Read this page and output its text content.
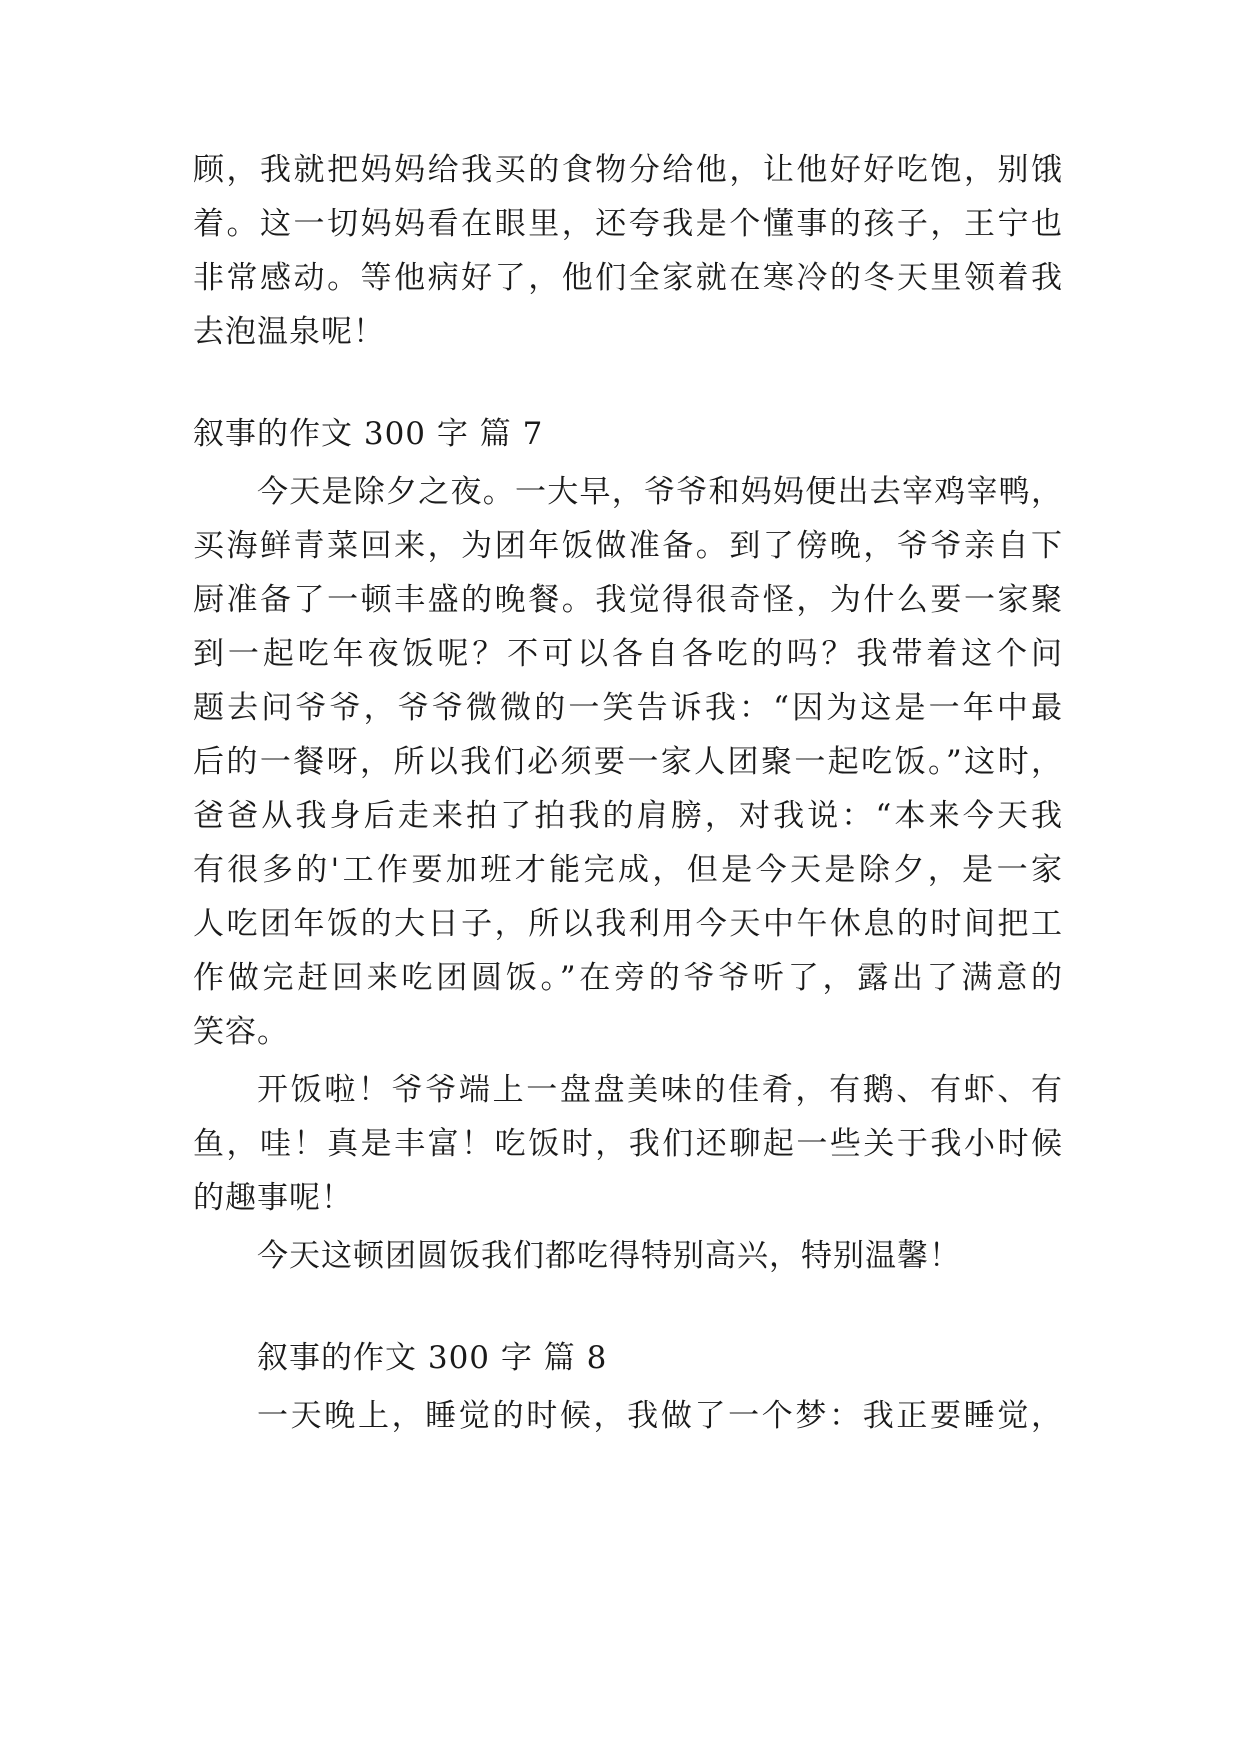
顾，我就把妈妈给我买的食物分给他，让他好好吃饱，别饿
着。这一切妈妈看在眼里，还夸我是个懂事的孩子，王宁也
非常感动。等他病好了，他们全家就在寒冷的冬天里领着我
去泡温泉呢！
叙事的作文 300 字 篇 7
今天是除夕之夜。一大早，爷爷和妈妈便出去宰鸡宰鸭，
买海鲜青菜回来，为团年饭做准备。到了傍晚，爷爷亲自下
厨准备了一顿丰盛的晚餐。我觉得很奇怪，为什么要一家聚
到一起吃年夜饭呢？不可以各自各吃的吗？我带着这个问
题去问爷爷，爷爷微微的一笑告诉我：“因为这是一年中最
后的一餐呀，所以我们必须要一家人团聚一起吃饭。”这时，
爸爸从我身后走来拍了拍我的肩膀，对我说：“本来今天我
有很多的'工作要加班才能完成，但是今天是除夕，是一家
人吃团年饭的大日子，所以我利用今天中午休息的时间把工
作做完赶回来吃团圆饭。”在旁的爷爷听了，露出了满意的
笑容。
开饭啦！爷爷端上一盘盘美味的佳肴，有鹅、有虾、有
鱼，哇！真是丰富！吃饭时，我们还聊起一些关于我小时候
的趣事呢！
今天这顿团圆饭我们都吃得特别高兴，特别温馨！
叙事的作文 300 字 篇 8
一天晚上，睡觉的时候，我做了一个梦：我正要睡觉，
